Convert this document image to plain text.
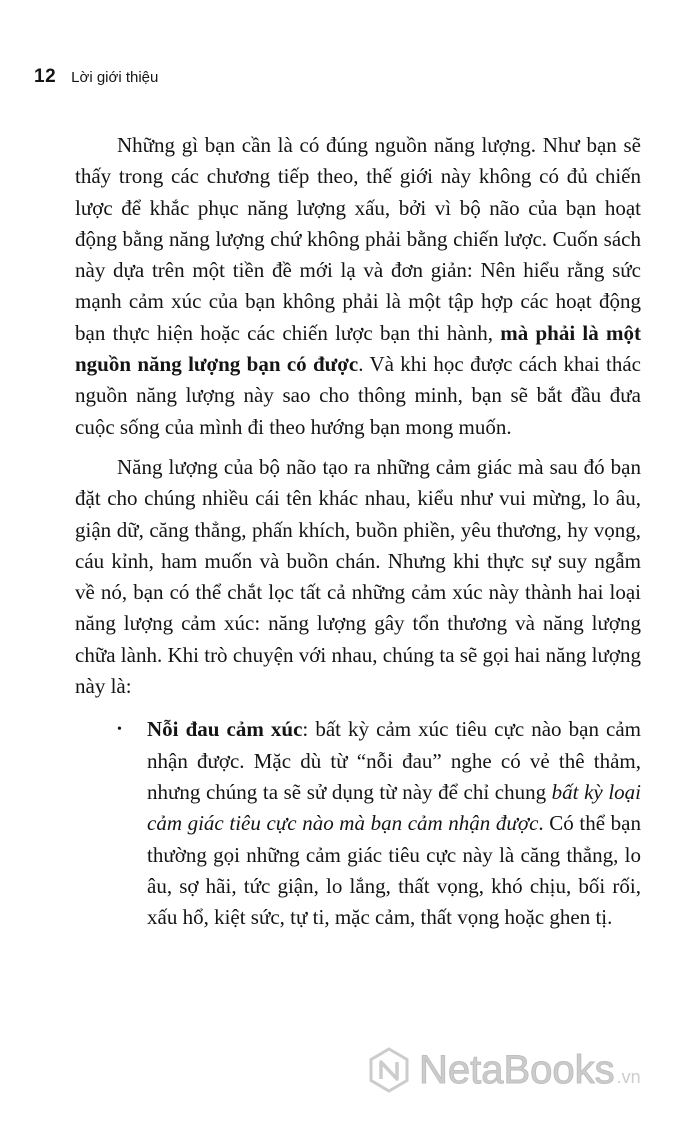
12 Lời giới thiệu

Những gì bạn cần là có đúng nguồn năng lượng. Như bạn sẽ thấy trong các chương tiếp theo, thế giới này không có đủ chiến lược để khắc phục năng lượng xấu, bởi vì bộ não của bạn hoạt động bằng năng lượng chứ không phải bằng chiến lược. Cuốn sách này dựa trên một tiền đề mới lạ và đơn giản: Nên hiểu rằng sức mạnh cảm xúc của bạn không phải là một tập hợp các hoạt động bạn thực hiện hoặc các chiến lược bạn thi hành, mà phải là một nguồn năng lượng bạn có được. Và khi học được cách khai thác nguồn năng lượng này sao cho thông minh, bạn sẽ bắt đầu đưa cuộc sống của mình đi theo hướng bạn mong muốn.

Năng lượng của bộ não tạo ra những cảm giác mà sau đó bạn đặt cho chúng nhiều cái tên khác nhau, kiểu như vui mừng, lo âu, giận dữ, căng thẳng, phấn khích, buồn phiền, yêu thương, hy vọng, cáu kỉnh, ham muốn và buồn chán. Nhưng khi thực sự suy ngẫm về nó, bạn có thể chắt lọc tất cả những cảm xúc này thành hai loại năng lượng cảm xúc: năng lượng gây tổn thương và năng lượng chữa lành. Khi trò chuyện với nhau, chúng ta sẽ gọi hai năng lượng này là:

• Nỗi đau cảm xúc: bất kỳ cảm xúc tiêu cực nào bạn cảm nhận được. Mặc dù từ “nỗi đau” nghe có vẻ thê thảm, nhưng chúng ta sẽ sử dụng từ này để chỉ chung bất kỳ loại cảm giác tiêu cực nào mà bạn cảm nhận được. Có thể bạn thường gọi những cảm giác tiêu cực này là căng thẳng, lo âu, sợ hãi, tức giận, lo lắng, thất vọng, khó chịu, bối rối, xấu hổ, kiệt sức, tự ti, mặc cảm, thất vọng hoặc ghen tị.
NetaBooks .vn
